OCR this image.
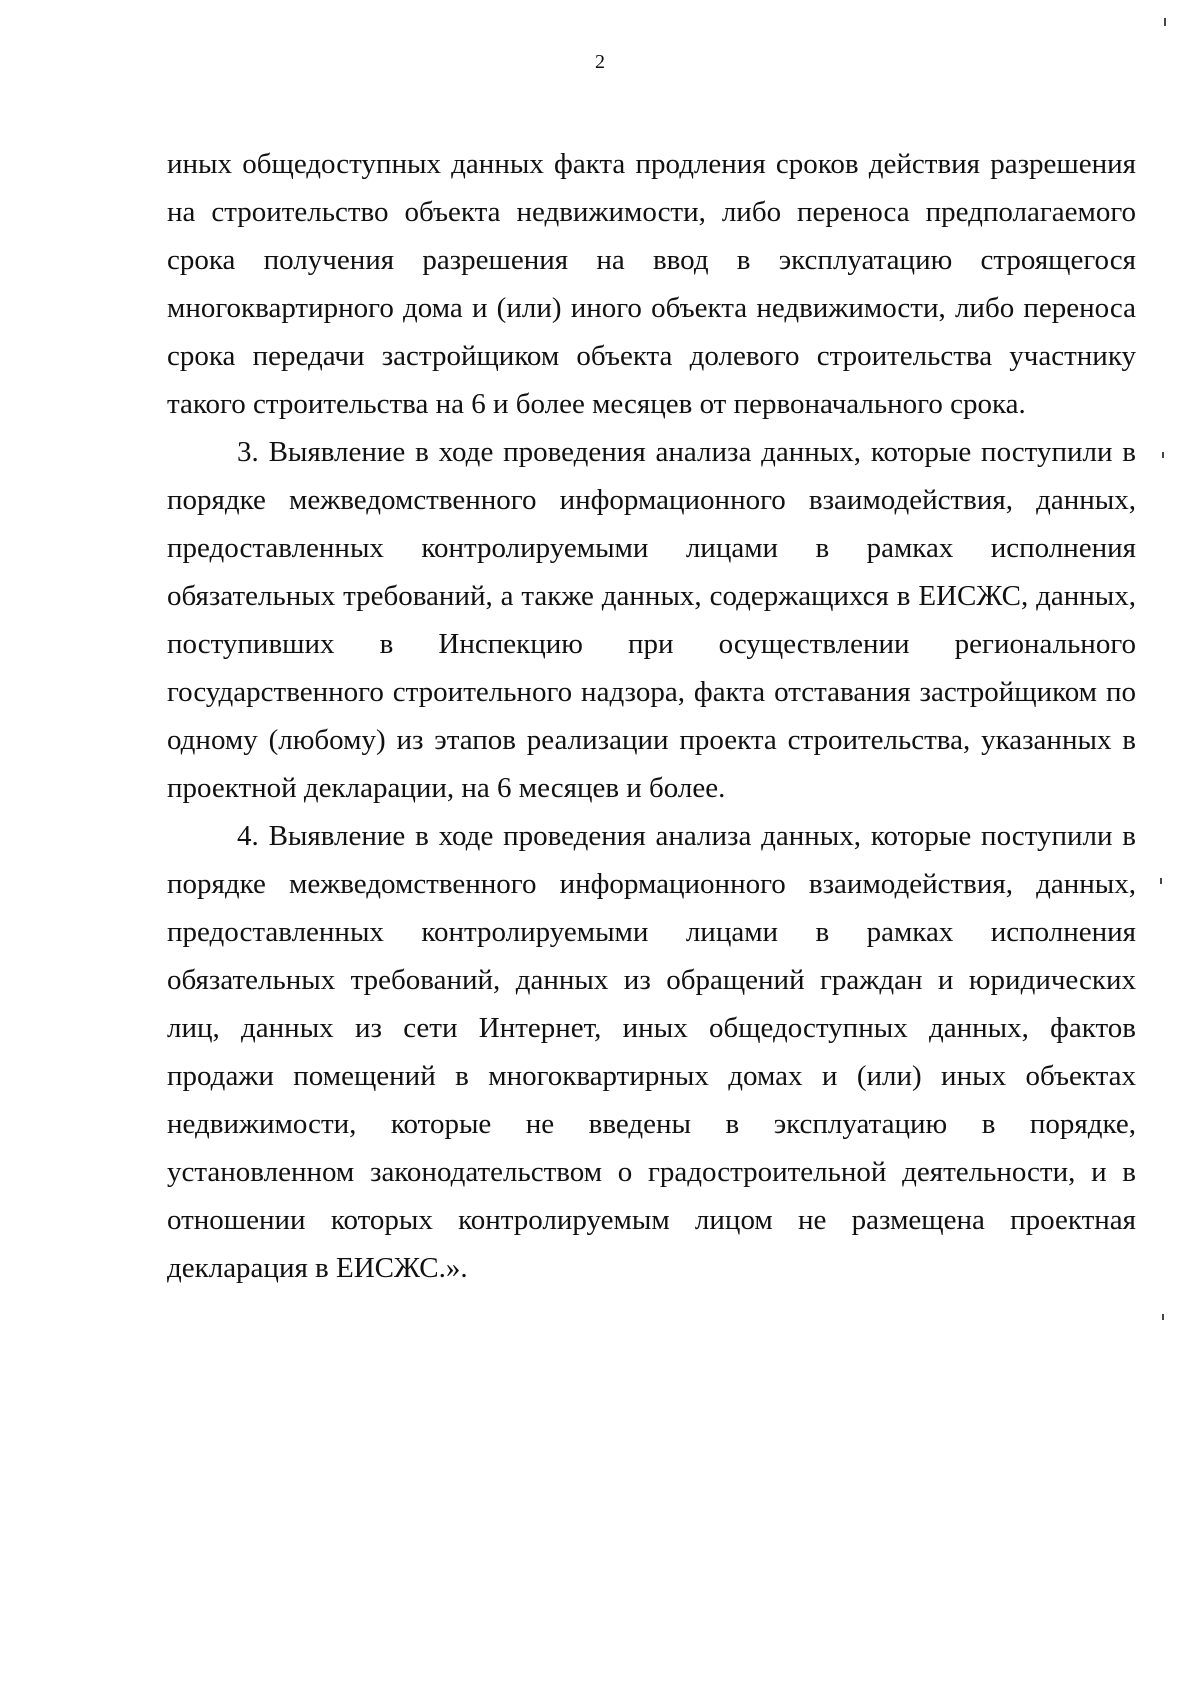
2

иных общедоступных данных факта продления сроков действия разрешения на строительство объекта недвижимости, либо переноса предполагаемого срока получения разрешения на ввод в эксплуатацию строящегося многоквартирного дома и (или) иного объекта недвижимости, либо переноса срока передачи застройщиком объекта долевого строительства участнику такого строительства на 6 и более месяцев от первоначального срока.

3. Выявление в ходе проведения анализа данных, которые поступили в порядке межведомственного информационного взаимодействия, данных, предоставленных контролируемыми лицами в рамках исполнения обязательных требований, а также данных, содержащихся в ЕИСЖС, данных, поступивших в Инспекцию при осуществлении регионального государственного строительного надзора, факта отставания застройщиком по одному (любому) из этапов реализации проекта строительства, указанных в проектной декларации, на 6 месяцев и более.

4. Выявление в ходе проведения анализа данных, которые поступили в порядке межведомственного информационного взаимодействия, данных, предоставленных контролируемыми лицами в рамках исполнения обязательных требований, данных из обращений граждан и юридических лиц, данных из сети Интернет, иных общедоступных данных, фактов продажи помещений в многоквартирных домах и (или) иных объектах недвижимости, которые не введены в эксплуатацию в порядке, установленном законодательством о градостроительной деятельности, и в отношении которых контролируемым лицом не размещена проектная декларация в ЕИСЖС.».
